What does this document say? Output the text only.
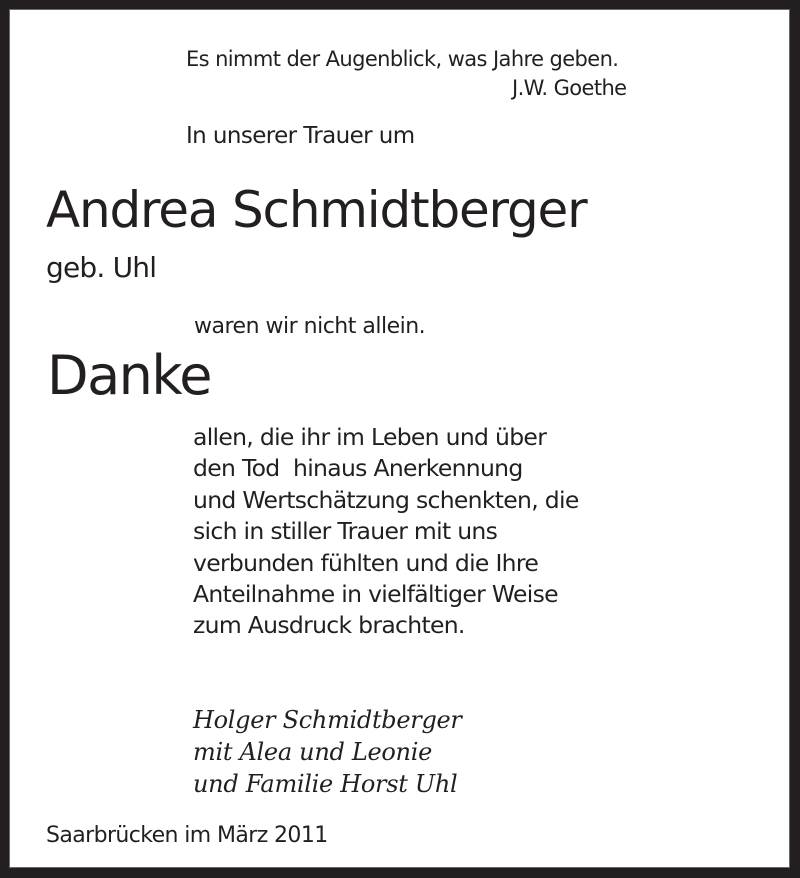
Es nimmt der Augenblick, was Jahre geben.
J.W. Goethe
In unserer Trauer um
Andrea Schmidtberger
geb. Uhl
waren wir nicht allein.
Danke
allen, die ihr im Leben und über
den Tod  hinaus Anerkennung
und Wertschätzung schenkten, die
sich in stiller Trauer mit uns
verbunden fühlten und die Ihre
Anteilnahme in vielfältiger Weise
zum Ausdruck brachten.
Holger Schmidtberger
mit Alea und Leonie
und Familie Horst Uhl
Saarbrücken im März 2011
